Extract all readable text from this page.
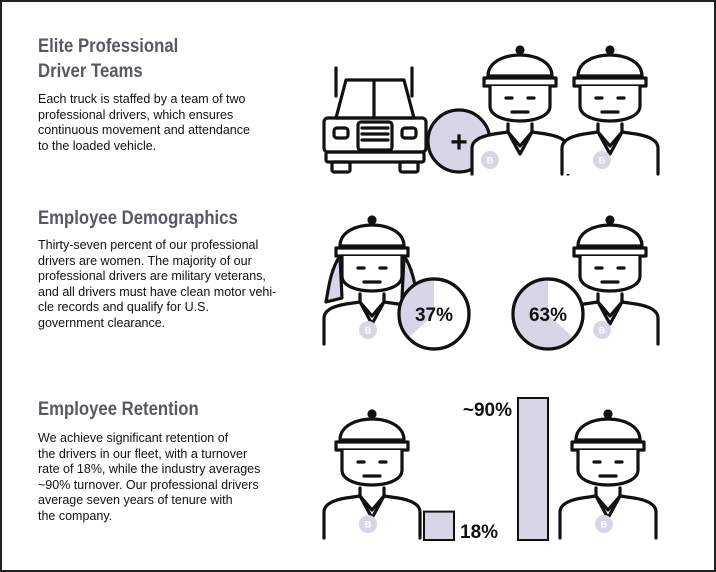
Elite Professional
Driver Teams

Each truck is staffed by a team of two
professional drivers, which ensures
continuous movement and attendance
to the loaded vehicle.

Employee Demographics

Thirty-seven percent of our professional
drivers are women. The majority of our
professional drivers are military veterans,
and all drivers must have clean motor vehi-
cle records and qualify for U.S.
government clearance.

Employee Retention

We achieve significant retention of
the drivers in our fleet, with a turnover
rate of 18%, while the industry averages
~90% turnover. Our professional drivers
average seven years of tenure with
the company.

+
B	B
B
37%
B
63%
B	B
18%
~90%
